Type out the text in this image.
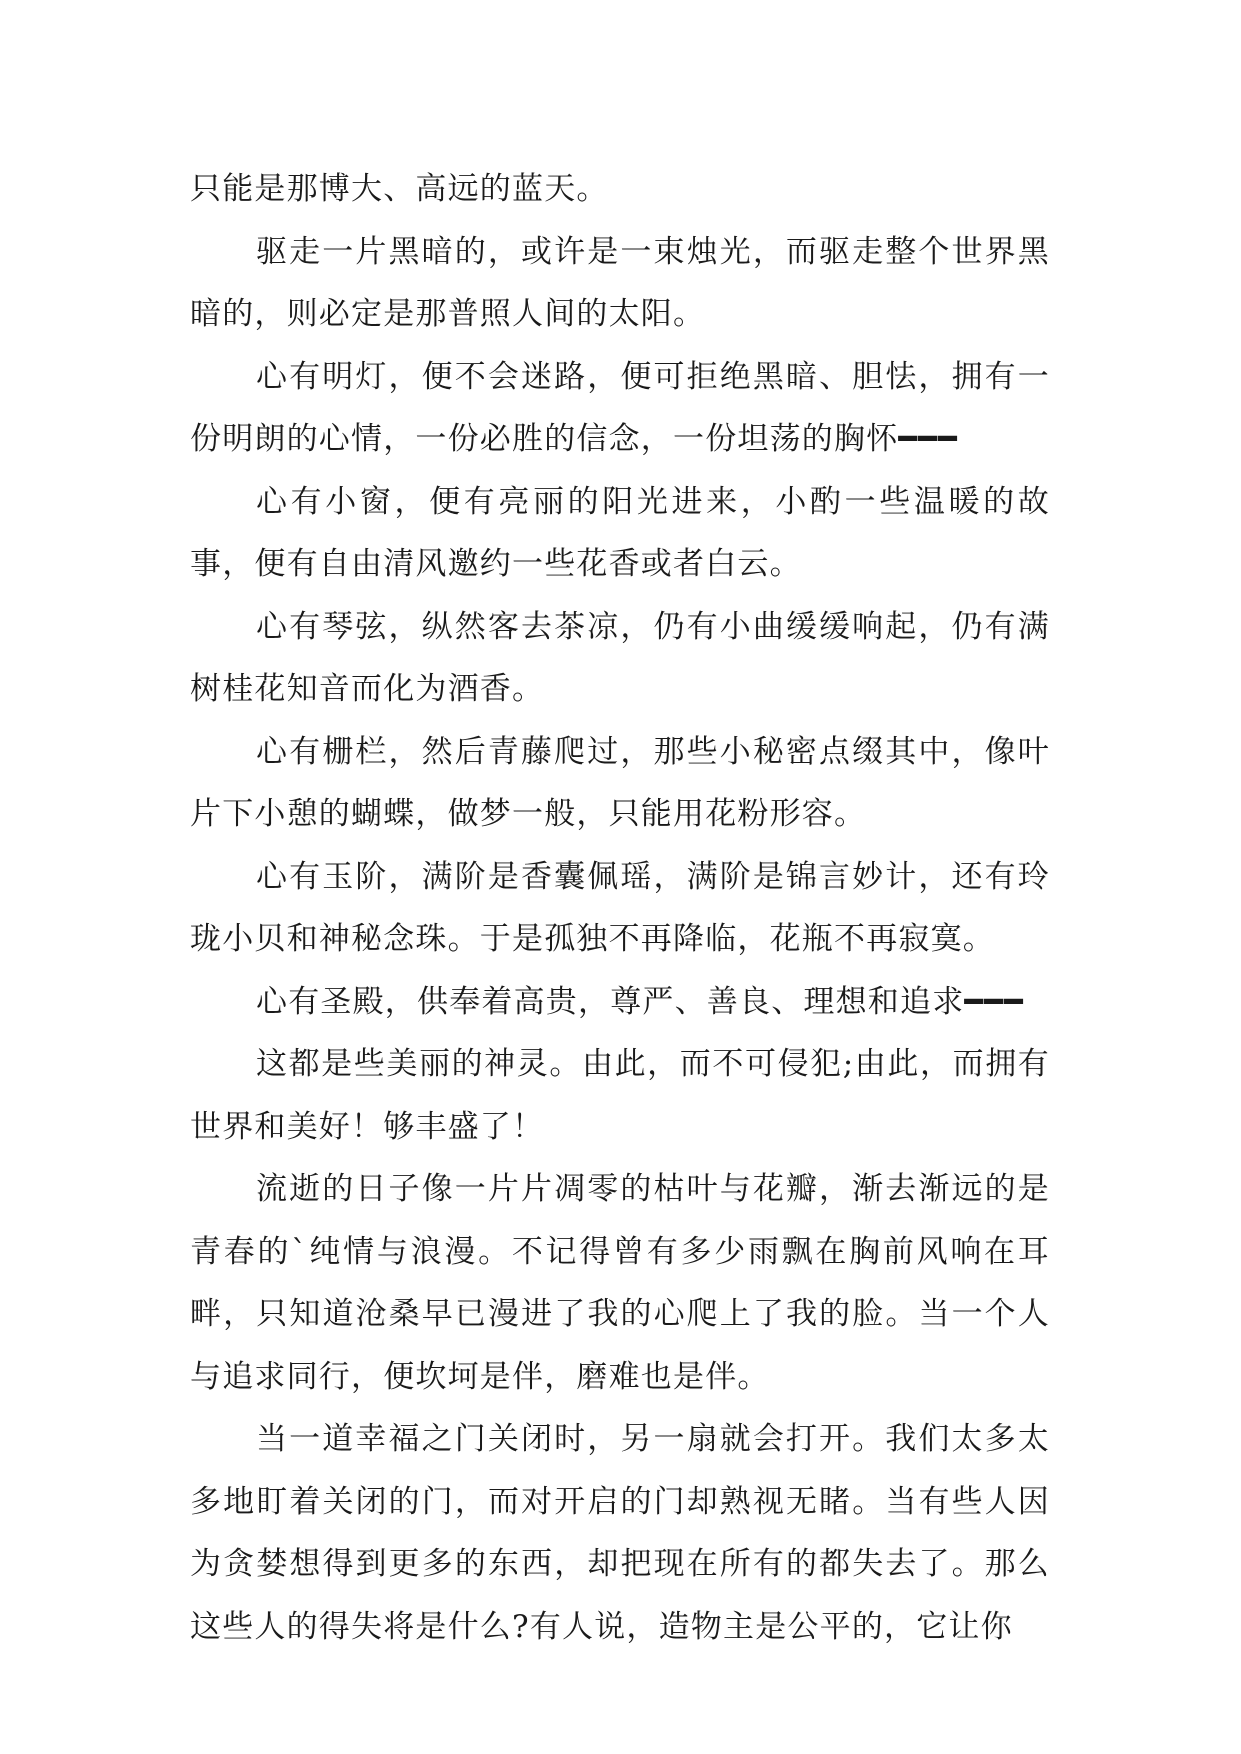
只能是那博大、高远的蓝天。

驱走一片黑暗的，或许是一束烛光，而驱走整个世界黑暗的，则必定是那普照人间的太阳。

心有明灯，便不会迷路，便可拒绝黑暗、胆怯，拥有一份明朗的心情，一份必胜的信念，一份坦荡的胸怀━━━

心有小窗，便有亮丽的阳光进来，小酌一些温暖的故事，便有自由清风邀约一些花香或者白云。

心有琴弦，纵然客去茶凉，仍有小曲缓缓响起，仍有满树桂花知音而化为酒香。

心有栅栏，然后青藤爬过，那些小秘密点缀其中，像叶片下小憩的蝴蝶，做梦一般，只能用花粉形容。

心有玉阶，满阶是香囊佩瑶，满阶是锦言妙计，还有玲珑小贝和神秘念珠。于是孤独不再降临，花瓶不再寂寞。

心有圣殿，供奉着高贵，尊严、善良、理想和追求━━━

这都是些美丽的神灵。由此，而不可侵犯;由此，而拥有世界和美好！够丰盛了！

流逝的日子像一片片凋零的枯叶与花瓣，渐去渐远的是青春的`纯情与浪漫。不记得曾有多少雨飘在胸前风响在耳畔，只知道沧桑早已漫进了我的心爬上了我的脸。当一个人与追求同行，便坎坷是伴，磨难也是伴。

当一道幸福之门关闭时，另一扇就会打开。我们太多太多地盯着关闭的门，而对开启的门却熟视无睹。当有些人因为贪婪想得到更多的东西，却把现在所有的都失去了。那么这些人的得失将是什么?有人说，造物主是公平的，它让你
